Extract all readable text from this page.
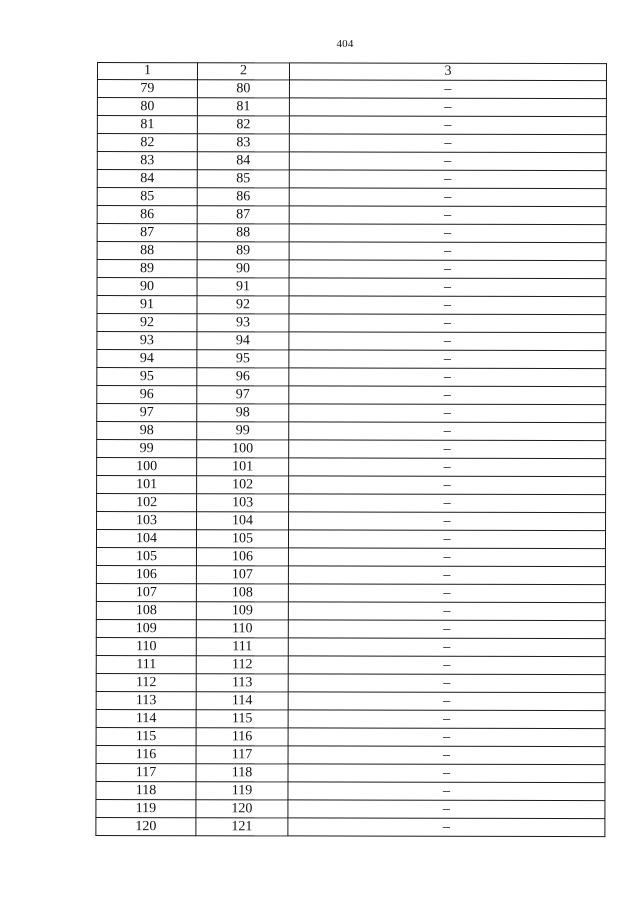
404
1	2	3
79	80	–
80	81	–
81	82	–
82	83	–
83	84	–
84	85	–
85	86	–
86	87	–
87	88	–
88	89	–
89	90	–
90	91	–
91	92	–
92	93	–
93	94	–
94	95	–
95	96	–
96	97	–
97	98	–
98	99	–
99	100	–
100	101	–
101	102	–
102	103	–
103	104	–
104	105	–
105	106	–
106	107	–
107	108	–
108	109	–
109	110	–
110	111	–
111	112	–
112	113	–
113	114	–
114	115	–
115	116	–
116	117	–
117	118	–
118	119	–
119	120	–
120	121	–
